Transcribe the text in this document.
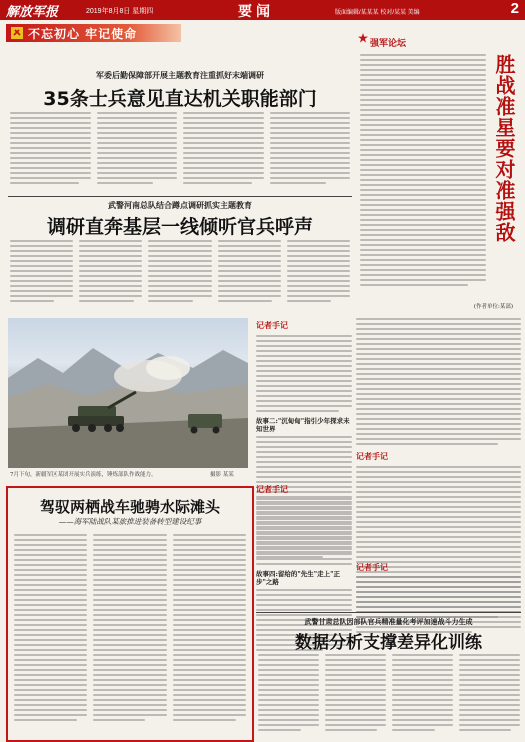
解放军报	2019年8月8日 星期四	要闻	版面编辑/某某某 校对/某某 美编	2
不忘初心 牢记使命
军委后勤保障部开展主题教育注重抓好末端调研
35条士兵意见直达机关职能部门
武警河南总队结合蹲点调研抓实主题教育
调研直奔基层一线倾听官兵呼声
强军论坛
胜战准星要对准强敌
(作者单位:某部)
7月下旬，新疆军区某团开展实兵演练，锤炼部队作战能力。	摄影 某某
记者手记
故事二:"沉甸甸"指引少年探求未知世界
记者手记
记者手记
故事四:留给的"先生"走上"正步"之路
记者手记
驾驭两栖战车驰骋水际滩头
——海军陆战队某旅推进装备转型建设纪事
武警甘肃总队因部队官兵精准量化考评加速战斗力生成
数据分析支撑差异化训练
